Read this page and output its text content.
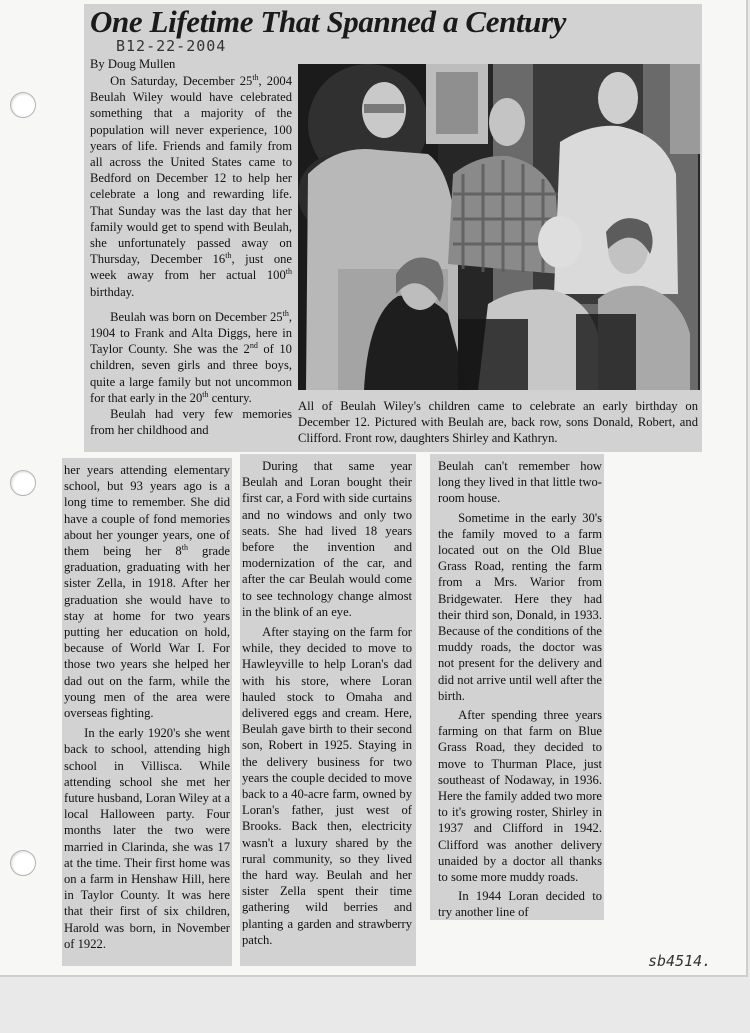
One Lifetime That Spanned a Century
B12-22-2004
By Doug Mullen

On Saturday, December 25th, 2004 Beulah Wiley would have celebrated something that a majority of the population will never experience, 100 years of life. Friends and family from all across the United States came to Bedford on December 12 to help her celebrate a long and rewarding life. That Sunday was the last day that her family would get to spend with Beulah, she unfortunately passed away on Thursday, December 16th, just one week away from her actual 100th birthday.

Beulah was born on December 25th, 1904 to Frank and Alta Diggs, here in Taylor County. She was the 2nd of 10 children, seven girls and three boys, quite a large family but not uncommon for that early in the 20th century.

Beulah had very few memories from her childhood and

All of Beulah Wiley's children came to celebrate an early birthday on December 12. Pictured with Beulah are, back row, sons Donald, Robert, and Clifford. Front row, daughters Shirley and Kathryn.

her years attending elementary school, but 93 years ago is a long time to remember. She did have a couple of fond memories about her younger years, one of them being her 8th grade graduation, graduating with her sister Zella, in 1918. After her graduation she would have to stay at home for two years putting her education on hold, because of World War I. For those two years she helped her dad out on the farm, while the young men of the area were overseas fighting.

In the early 1920's she went back to school, attending high school in Villisca. While attending school she met her future husband, Loran Wiley at a local Halloween party. Four months later the two were married in Clarinda, she was 17 at the time. Their first home was on a farm in Henshaw Hill, here in Taylor County. It was here that their first of six children, Harold was born, in November of 1922.

During that same year Beulah and Loran bought their first car, a Ford with side curtains and no windows and only two seats. She had lived 18 years before the invention and modernization of the car, and after the car Beulah would come to see technology change almost in the blink of an eye.

After staying on the farm for while, they decided to move to Hawleyville to help Loran's dad with his store, where Loran hauled stock to Omaha and delivered eggs and cream. Here, Beulah gave birth to their second son, Robert in 1925. Staying in the delivery business for two years the couple decided to move back to a 40-acre farm, owned by Loran's father, just west of Brooks. Back then, electricity wasn't a luxury shared by the rural community, so they lived the hard way. Beulah and her sister Zella spent their time gathering wild berries and planting a garden and strawberry patch.

Beulah can't remember how long they lived in that little two-room house.

Sometime in the early 30's the family moved to a farm located out on the Old Blue Grass Road, renting the farm from a Mrs. Warior from Bridgewater. Here they had their third son, Donald, in 1933. Because of the conditions of the muddy roads, the doctor was not present for the delivery and did not arrive until well after the birth.

After spending three years farming on that farm on Blue Grass Road, they decided to move to Thurman Place, just southeast of Nodaway, in 1936. Here the family added two more to it's growing roster, Shirley in 1937 and Clifford in 1942. Clifford was another delivery unaided by a doctor all thanks to some more muddy roads.

In 1944 Loran decided to try another line of

sb4514.
